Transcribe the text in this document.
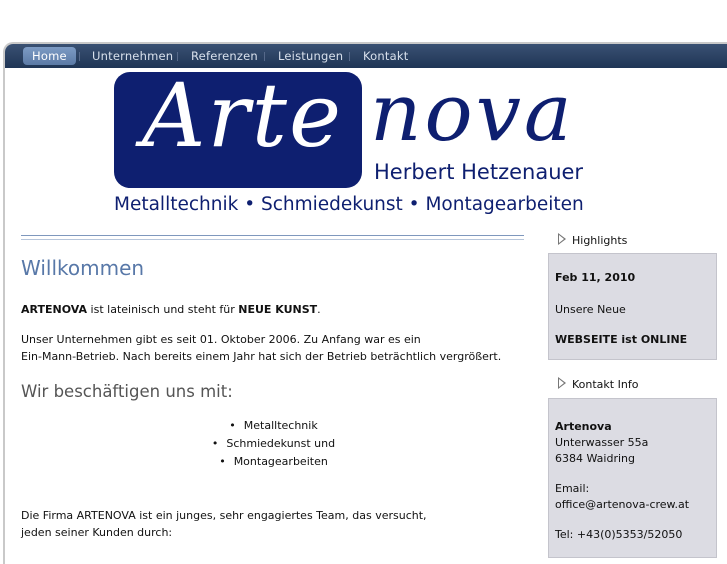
Home	Unternehmen Referenzen Leistungen Kontakt
Arte nova
Herbert Hetzenauer
Metalltechnik • Schmiedekunst • Montagearbeiten
Willkommen

ARTENOVA ist lateinisch und steht für NEUE KUNST.

Unser Unternehmen gibt es seit 01. Oktober 2006. Zu Anfang war es ein
Ein-Mann-Betrieb. Nach bereits einem Jahr hat sich der Betrieb beträchtlich vergrößert.

Wir beschäftigen uns mit:
• Metalltechnik
• Schmiedekunst und
• Montagearbeiten

Die Firma ARTENOVA ist ein junges, sehr engagiertes Team, das versucht,
jeden seiner Kunden durch:

Highlights
Feb 11, 2010
Unsere Neue
WEBSEITE ist ONLINE
Kontakt Info
Artenova
Unterwasser 55a
6384 Waidring
Email:
office@artenova-crew.at
Tel: +43(0)5353/52050
